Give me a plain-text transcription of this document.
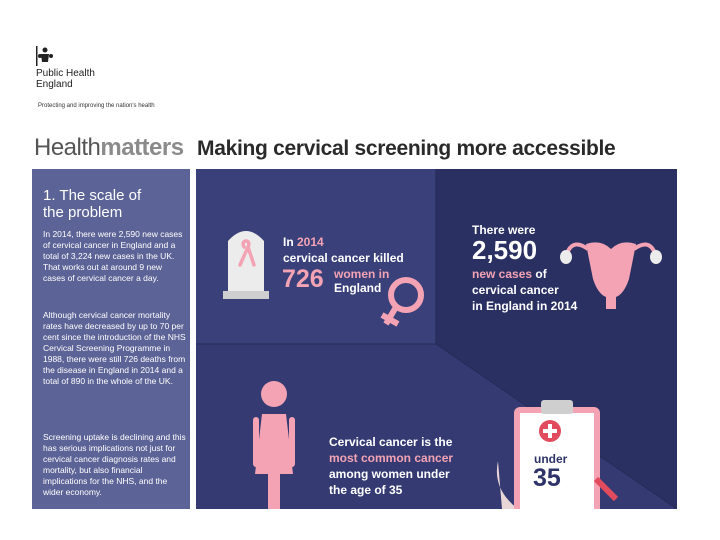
Public Health
England
Protecting and improving the nation's health
Healthmatters Making cervical screening more accessible
1. The scale of
the problem

In 2014, there were 2,590 new cases of cervical cancer in England and a total of 3,224 new cases in the UK. That works out at around 9 new cases of cervical cancer a day.

Although cervical cancer mortality rates have decreased by up to 70 per cent since the introduction of the NHS Cervical Screening Programme in 1988, there were still 726 deaths from the disease in England in 2014 and a total of 890 in the whole of the UK.

Screening uptake is declining and this has serious implications not just for cervical cancer diagnosis rates and mortality, but also financial implications for the NHS, and the wider economy.

In 2014
cervical cancer killed
726 women in
England
There were
2,590
new cases of
cervical cancer
in England in 2014
Cervical cancer is the
most common cancer
among women under
the age of 35
under
35
